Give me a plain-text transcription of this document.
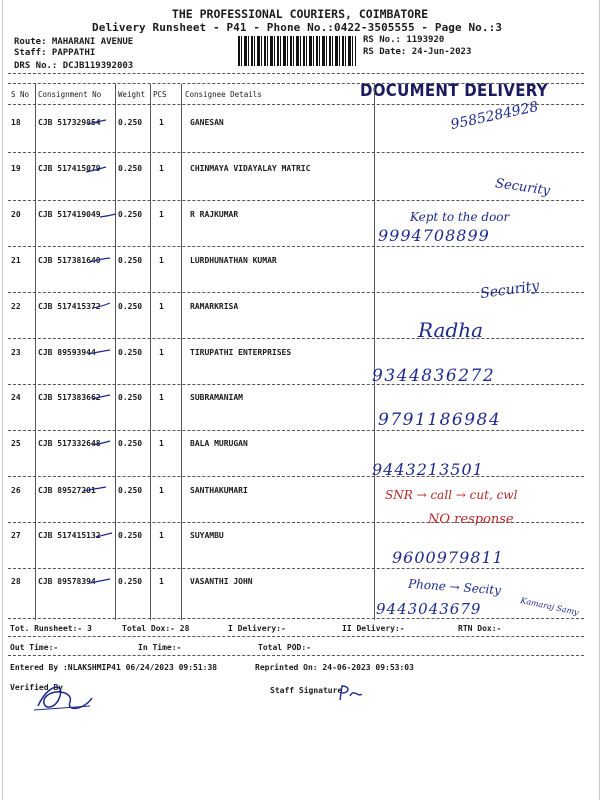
THE PROFESSIONAL COURIERS, COIMBATORE
Delivery Runsheet - P41 - Phone No.:0422-3505555 - Page No.:3
Route: MAHARANI AVENUE
Staff: PAPPATHI
DRS No.: DCJB119392003
RS No.: 1193920
RS Date: 24-Jun-2023
S No Consignment No Weight PCS Consignee Details	DOCUMENT DELIVERY
18 CJB 517329854 0.250 1	GANESAN
19 CJB 517415079 0.250 1	CHINMAYA VIDAYALAY MATRIC
20 CJB 517419049 0.250 1	R RAJKUMAR
21 CJB 517381640 0.250 1	LURDHUNATHAN KUMAR
22 CJB 517415372 0.250 1	RAMARKRISA
23 CJB 89593944	0.250 1	TIRUPATHI ENTERPRISES
24 CJB 517383662 0.250 1	SUBRAMANIAM
25 CJB 517332648 0.250 1	BALA MURUGAN
26 CJB 89527201	0.250 1	SANTHAKUMARI
27 CJB 517415132 0.250 1	SUYAMBU
28 CJB 89578394	0.250 1	VASANTHI JOHN
9585284928
Security
Kept to the door
9994708899
Security
Radha
9344836272
9791186984
9443213501
SNR → call → cut, cwl
NO response
9600979811
Phone → Secity
Kamaraj Samy
9443043679
Tot. Runsheet:- 3	Total Dox:- 28	I Delivery:-	II Delivery:-	RTN Dox:-
Out Time:-	In Time:-	Total POD:-
Entered By :NLAKSHMIP41 06/24/2023 09:51:38	Reprinted On: 24-06-2023 09:53:03
Verified By	Staff Signature
